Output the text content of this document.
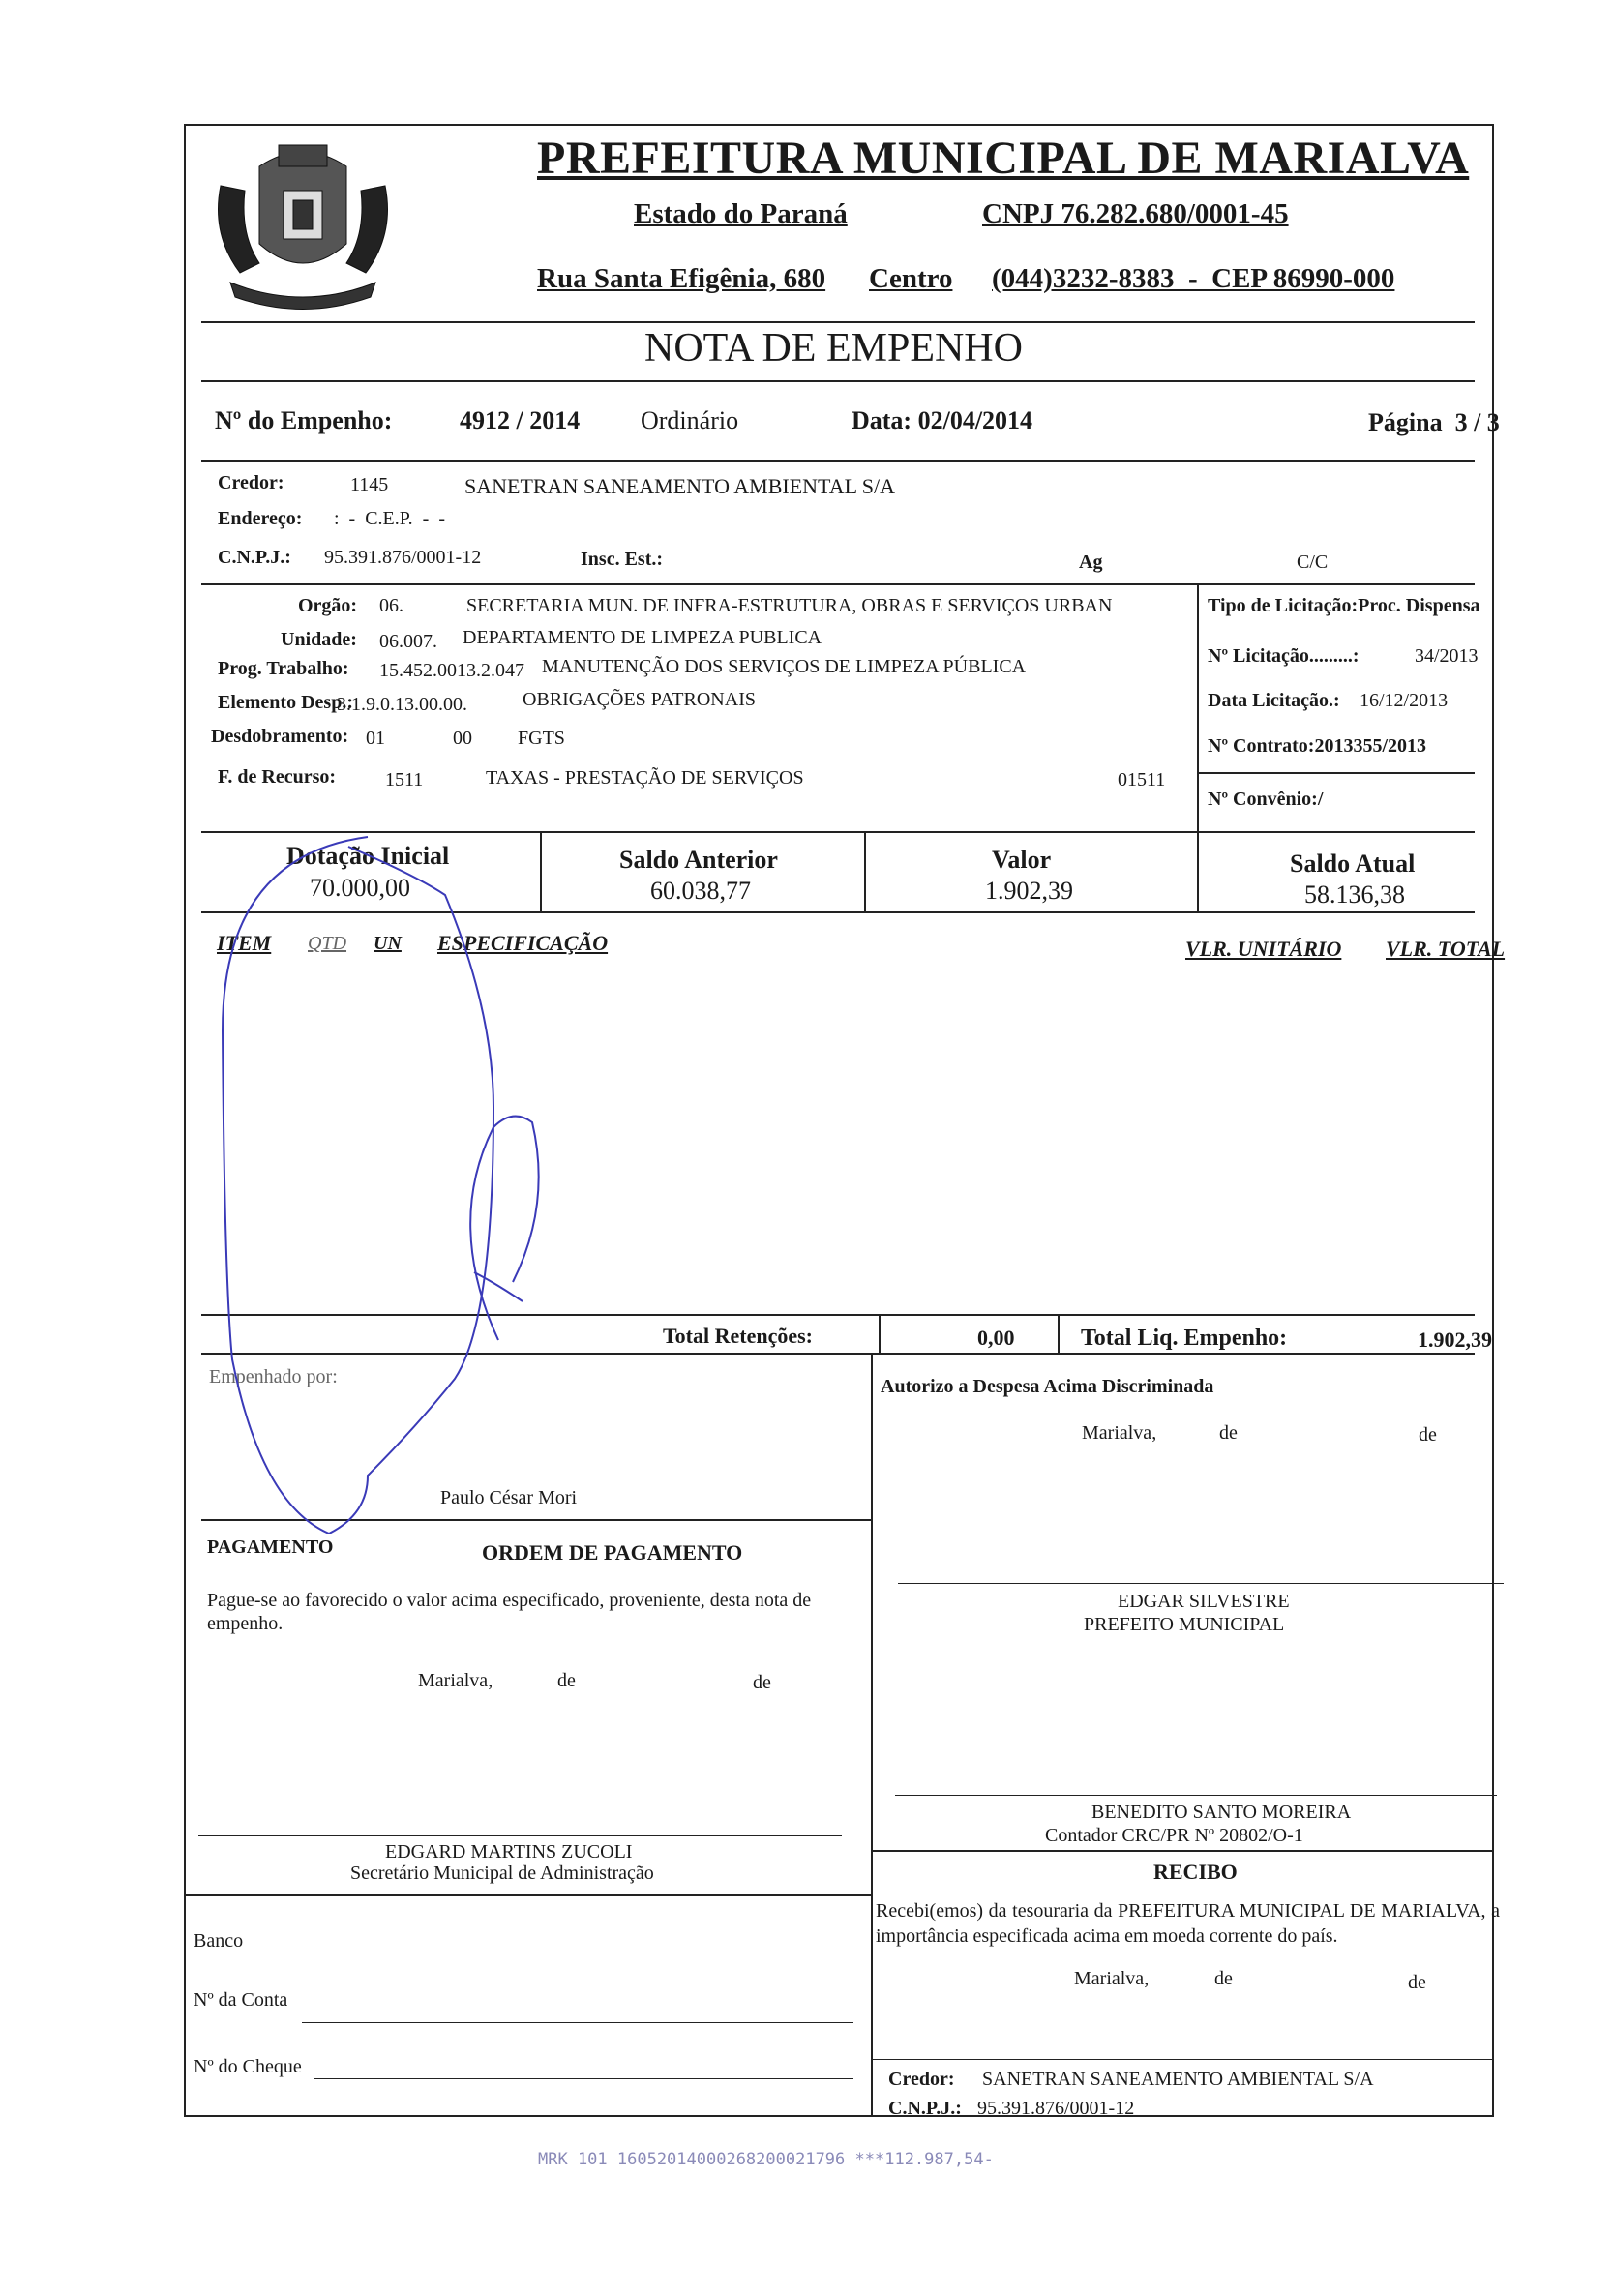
PREFEITURA MUNICIPAL DE MARIALVA
Estado do Paraná	CNPJ 76.282.680/0001-45
Rua Santa Efigênia, 680 Centro (044)3232-8383  -  CEP 86990-000
NOTA DE EMPENHO
Nº do Empenho:	4912 / 2014 Ordinário	Data: 02/04/2014	Página  3 / 3
Credor:	1145	SANETRAN SANEAMENTO AMBIENTAL S/A
Endereço: :  -  C.E.P.  -  -
C.N.P.J.: 95.391.876/0001-12	Insc. Est.:	Ag	C/C
Orgão: 06.	SECRETARIA MUN. DE INFRA-ESTRUTURA, OBRAS E SERVIÇOS URBAN
Unidade: 06.007. DEPARTAMENTO DE LIMPEZA PUBLICA
Prog. Trabalho: 15.452.0013.2.047 MANUTENÇÃO DOS SERVIÇOS DE LIMPEZA PÚBLICA
Elemento Desp.:
3.1.9.0.13.00.00.	OBRIGAÇÕES PATRONAIS
Desdobramento: 01	00 FGTS
F. de Recurso:	1511	TAXAS - PRESTAÇÃO DE SERVIÇOS	01511
Tipo de Licitação:Proc. Dispensa
Nº Licitação.........:	34/2013
Data Licitação.: 16/12/2013
Nº Contrato:2013355/2013
Nº Convênio:/
Dotação Inicial
70.000,00
Saldo Anterior
60.038,77
Valor
1.902,39
Saldo Atual
58.136,38
ITEM QTD UN ESPECIFICAÇÃO	VLR. UNITÁRIO VLR. TOTAL
Total Retenções:	0,00	Total Liq. Empenho:	1.902,39
Empenhado por:
Paulo César Mori
Autorizo a Despesa Acima Discriminada
Marialva,	de	de
EDGAR SILVESTRE
PREFEITO MUNICIPAL
BENEDITO SANTO MOREIRA
Contador CRC/PR Nº 20802/O-1
PAGAMENTO	ORDEM DE PAGAMENTO
Pague-se ao favorecido o valor acima especificado, proveniente, desta nota de empenho.
Marialva,	de	de
EDGARD MARTINS ZUCOLI
Secretário Municipal de Administração	RECIBO
Recebi(emos) da tesouraria da PREFEITURA MUNICIPAL DE MARIALVA, a importância especificada acima em moeda corrente do país.
Marialva,	de	de
Credor: SANETRAN SANEAMENTO AMBIENTAL S/A
C.N.P.J.: 95.391.876/0001-12
Banco
Nº da Conta
Nº do Cheque
MRK 101 16052014000268200021796 ***112.987,54-
